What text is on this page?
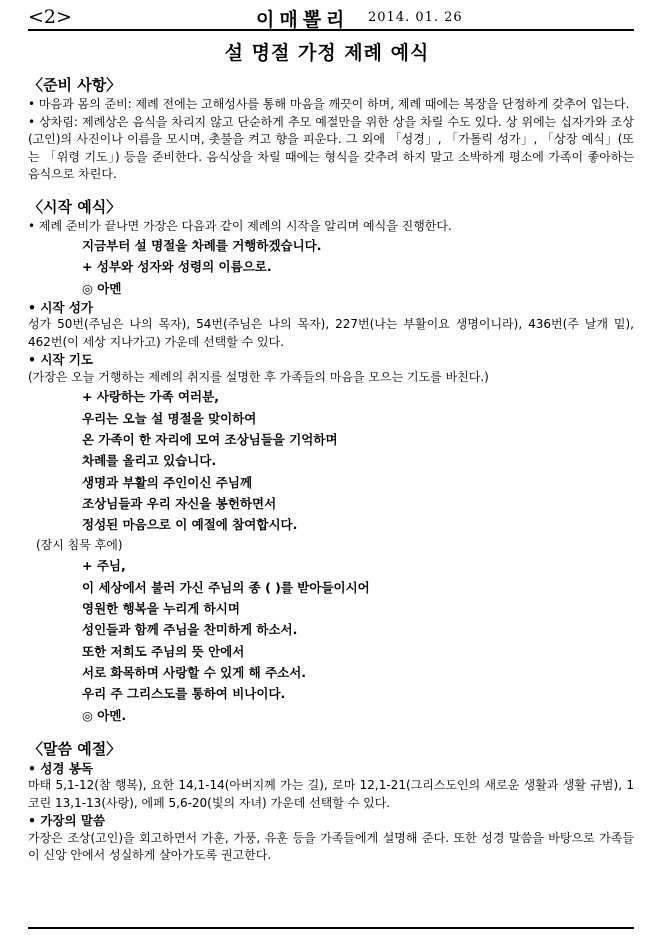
<2>	이매뽈리 2014. 01. 26
설 명절 가정 제례 예식
〈준비 사항〉
• 마음과 몸의 준비: 제례 전에는 고해성사를 통해 마음을 깨끗이 하며, 제례 때에는 복장을 단정하게 갖추어 입는다.
• 상차림: 제례상은 음식을 차리지 않고 단순하게 추모 예절만을 위한 상을 차릴 수도 있다. 상 위에는 십자가와 조상(고인)의 사진이나 이름을 모시며, 촛불을 켜고 향을 피운다. 그 외에 「성경」, 「가톨릭 성가」, 「상장 예식」(또는 「위령 기도」) 등을 준비한다. 음식상을 차릴 때에는 형식을 갖추려 하지 말고 소박하게 평소에 가족이 좋아하는 음식으로 차린다.
〈시작 예식〉
• 제례 준비가 끝나면 가장은 다음과 같이 제례의 시작을 알리며 예식을 진행한다.
지금부터 설 명절을 차례를 거행하겠습니다.
+ 성부와 성자와 성령의 이름으로.
◎ 아멘
• 시작 성가
성가 50번(주님은 나의 목자), 54번(주님은 나의 목자), 227번(나는 부활이요 생명이니라), 436번(주 날개 밑), 462번(이 세상 지나가고) 가운데 선택할 수 있다.
• 시작 기도
(가장은 오늘 거행하는 제례의 취지를 설명한 후 가족들의 마음을 모으는 기도를 바친다.)
+ 사랑하는 가족 여러분,
우리는 오늘 설 명절을 맞이하여
온 가족이 한 자리에 모여 조상님들을 기억하며
차례를 올리고 있습니다.
생명과 부활의 주인이신 주님께
조상님들과 우리 자신을 봉헌하면서
정성된 마음으로 이 예절에 참여합시다.
(잠시 침묵 후에)
+ 주님,
이 세상에서 불러 가신 주님의 종 ( )를 받아들이시어
영원한 행복을 누리게 하시며
성인들과 함께 주님을 찬미하게 하소서.
또한 저희도 주님의 뜻 안에서
서로 화목하며 사랑할 수 있게 해 주소서.
우리 주 그리스도를 통하여 비나이다.
◎ 아멘.
〈말씀 예절〉
• 성경 봉독
마태 5,1-12(참 행복), 요한 14,1-14(아버지께 가는 길), 로마 12,1-21(그리스도인의 새로운 생활과 생활 규범), 1코린 13,1-13(사랑), 에페 5,6-20(빛의 자녀) 가운데 선택할 수 있다.
• 가장의 말씀
가장은 조상(고인)을 회고하면서 가훈, 가풍, 유훈 등을 가족들에게 설명해 준다. 또한 성경 말씀을 바탕으로 가족들이 신앙 안에서 성실하게 살아가도록 권고한다.
